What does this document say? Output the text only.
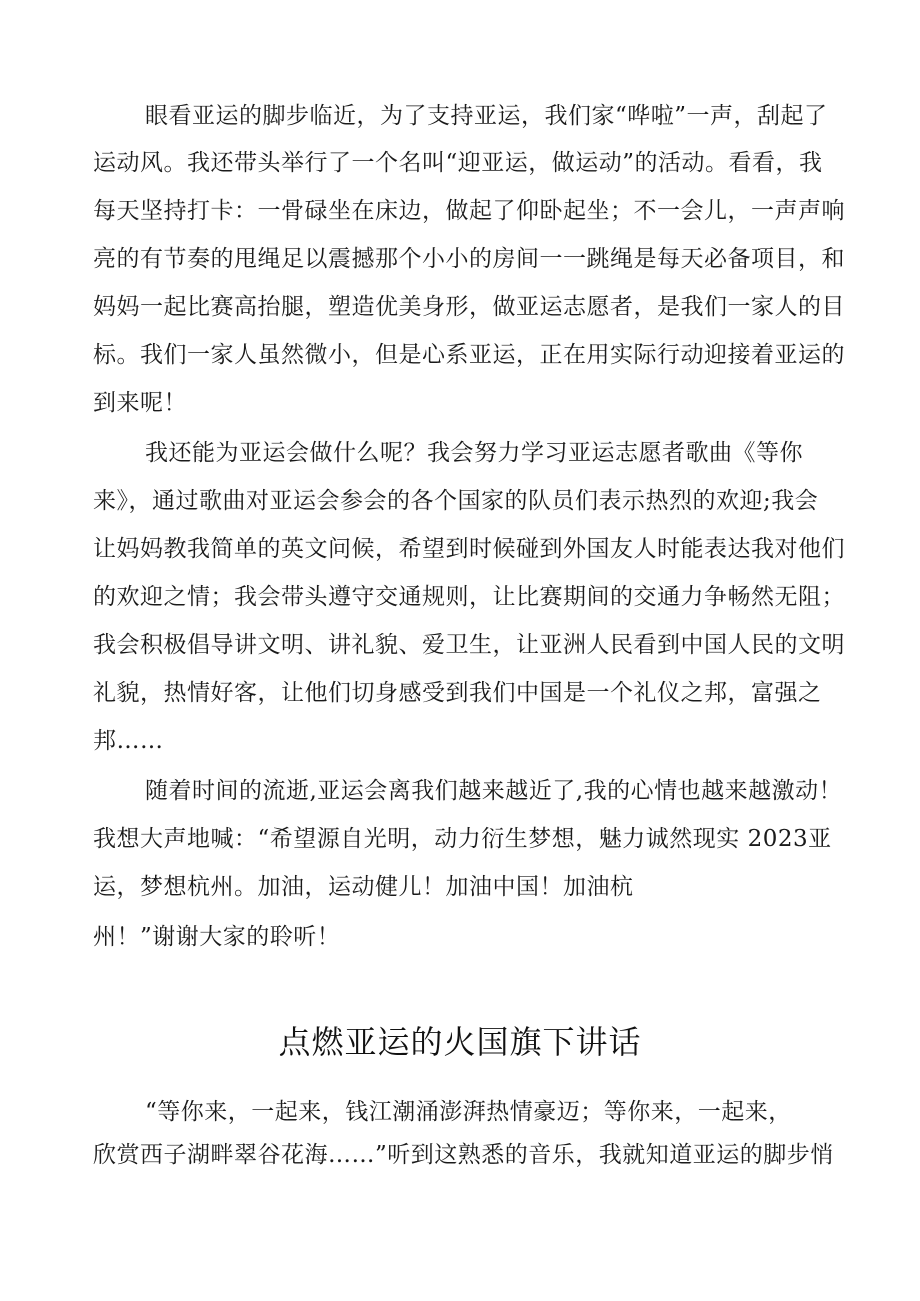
眼看亚运的脚步临近，为了支持亚运，我们家“哗啦”一声，刮起了
运动风。我还带头举行了一个名叫“迎亚运，做运动”的活动。看看，我
每天坚持打卡：一骨碌坐在床边，做起了仰卧起坐；不一会儿，一声声响
亮的有节奏的甩绳足以震撼那个小小的房间一一跳绳是每天必备项目，和
妈妈一起比赛高抬腿，塑造优美身形，做亚运志愿者，是我们一家人的目
标。我们一家人虽然微小，但是心系亚运，正在用实际行动迎接着亚运的
到来呢！
我还能为亚运会做什么呢？我会努力学习亚运志愿者歌曲《等你
来》，通过歌曲对亚运会参会的各个国家的队员们表示热烈的欢迎;我会
让妈妈教我简单的英文问候，希望到时候碰到外国友人时能表达我对他们
的欢迎之情；我会带头遵守交通规则，让比赛期间的交通力争畅然无阻；
我会积极倡导讲文明、讲礼貌、爱卫生，让亚洲人民看到中国人民的文明
礼貌，热情好客，让他们切身感受到我们中国是一个礼仪之邦，富强之
邦……
随着时间的流逝,亚运会离我们越来越近了,我的心情也越来越激动！
我想大声地喊：“希望源自光明，动力衍生梦想，魅力诚然现实 2023亚
运，梦想杭州。加油，运动健儿！加油中国！加油杭
州！”谢谢大家的聆听！
点燃亚运的火国旗下讲话
“等你来，一起来，钱江潮涌澎湃热情豪迈；等你来，一起来，
欣赏西子湖畔翠谷花海……”听到这熟悉的音乐，我就知道亚运的脚步悄
